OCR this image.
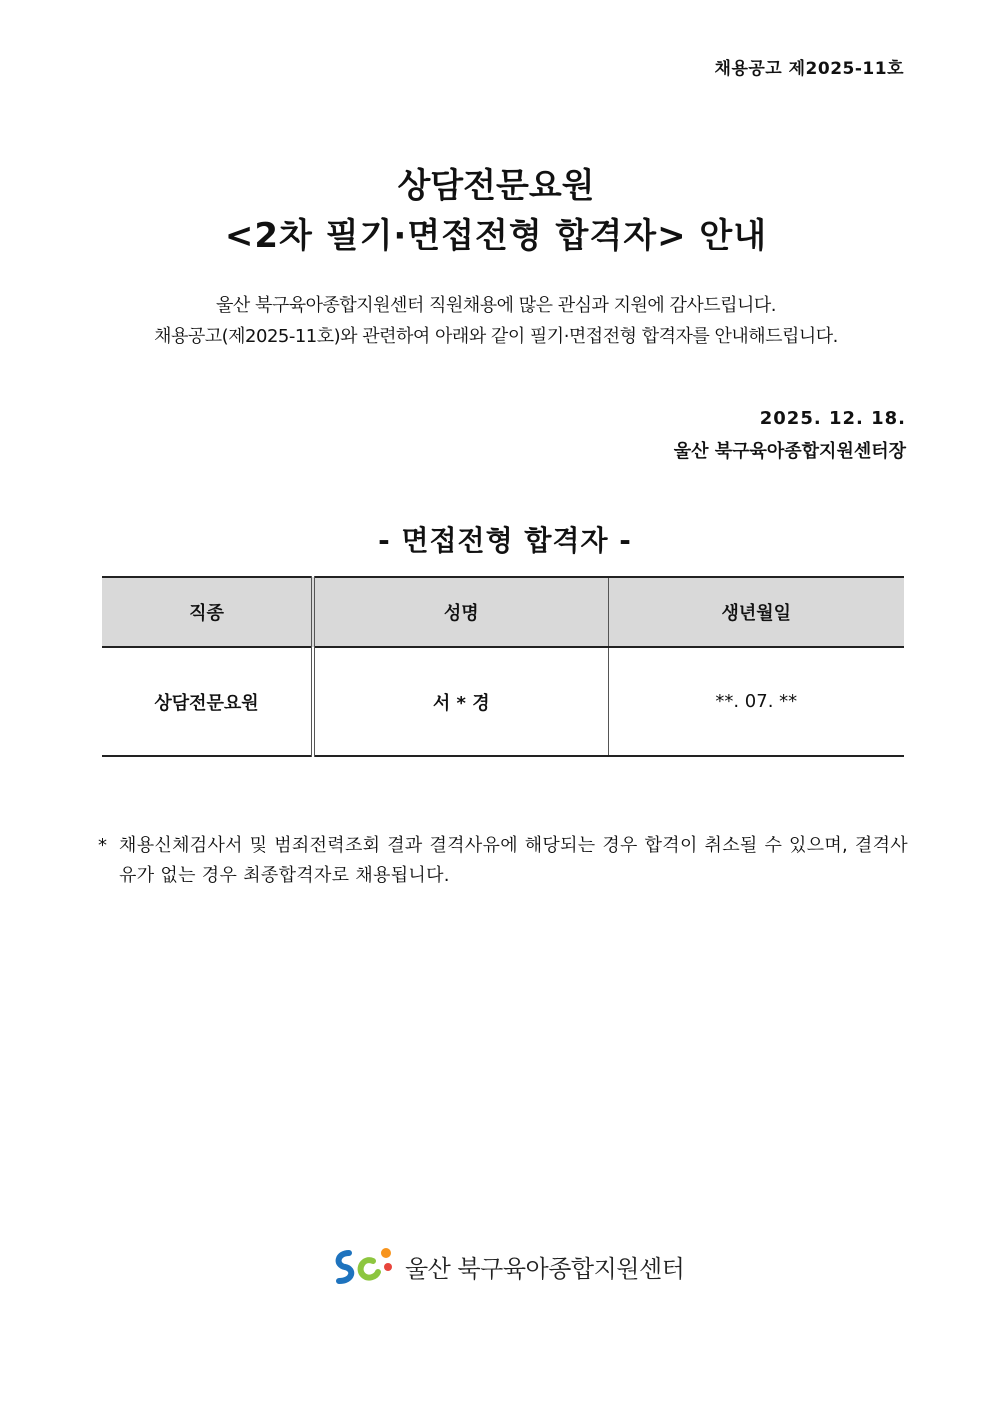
채용공고 제2025-11호
상담전문요원
<2차 필기·면접전형 합격자> 안내
울산 북구육아종합지원센터 직원채용에 많은 관심과 지원에 감사드립니다.
채용공고(제2025-11호)와 관련하여 아래와 같이 필기·면접전형 합격자를 안내해드립니다.
2025. 12. 18.
울산 북구육아종합지원센터장
- 면접전형 합격자 -
직종	성명	생년월일
상담전문요원	서 * 경	**. 07. **
* 채용신체검사서 및 범죄전력조회 결과 결격사유에 해당되는 경우 합격이 취소될 수 있으며, 결격사유가 없는 경우 최종합격자로 채용됩니다.
울산 북구육아종합지원센터
